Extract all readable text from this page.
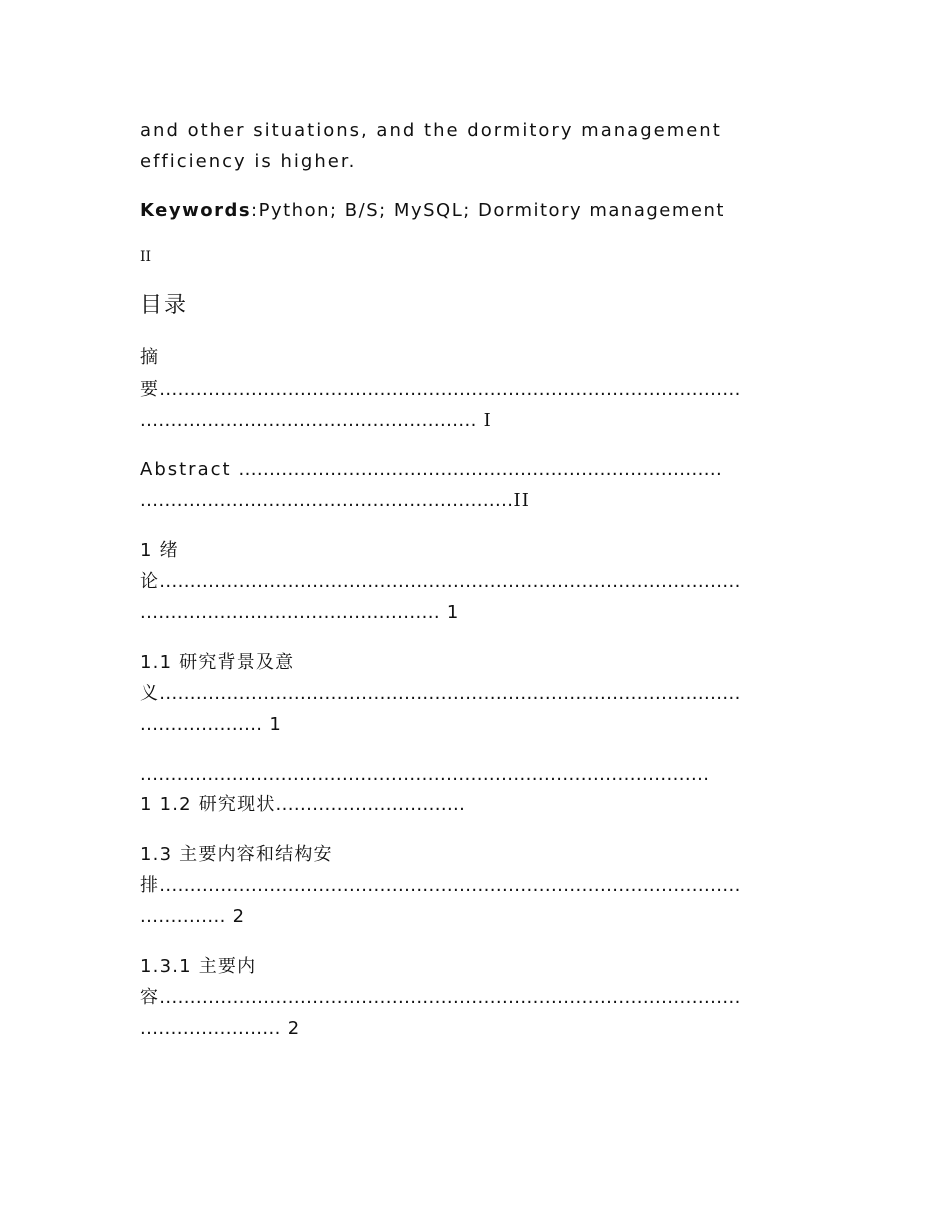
and other situations, and the dormitory management
efficiency is higher.
Keywords:Python; B/S; MySQL; Dormitory management
II
目录
摘
要...............................................................................................
....................................................... I
Abstract ...............................................................................
.............................................................II
1 绪
论...............................................................................................
................................................. 1
1.1 研究背景及意
义...............................................................................................
.................... 1
.............................................................................................
1 1.2 研究现状...............................
1.3 主要内容和结构安
排...............................................................................................
.............. 2
1.3.1 主要内
容...............................................................................................
....................... 2
